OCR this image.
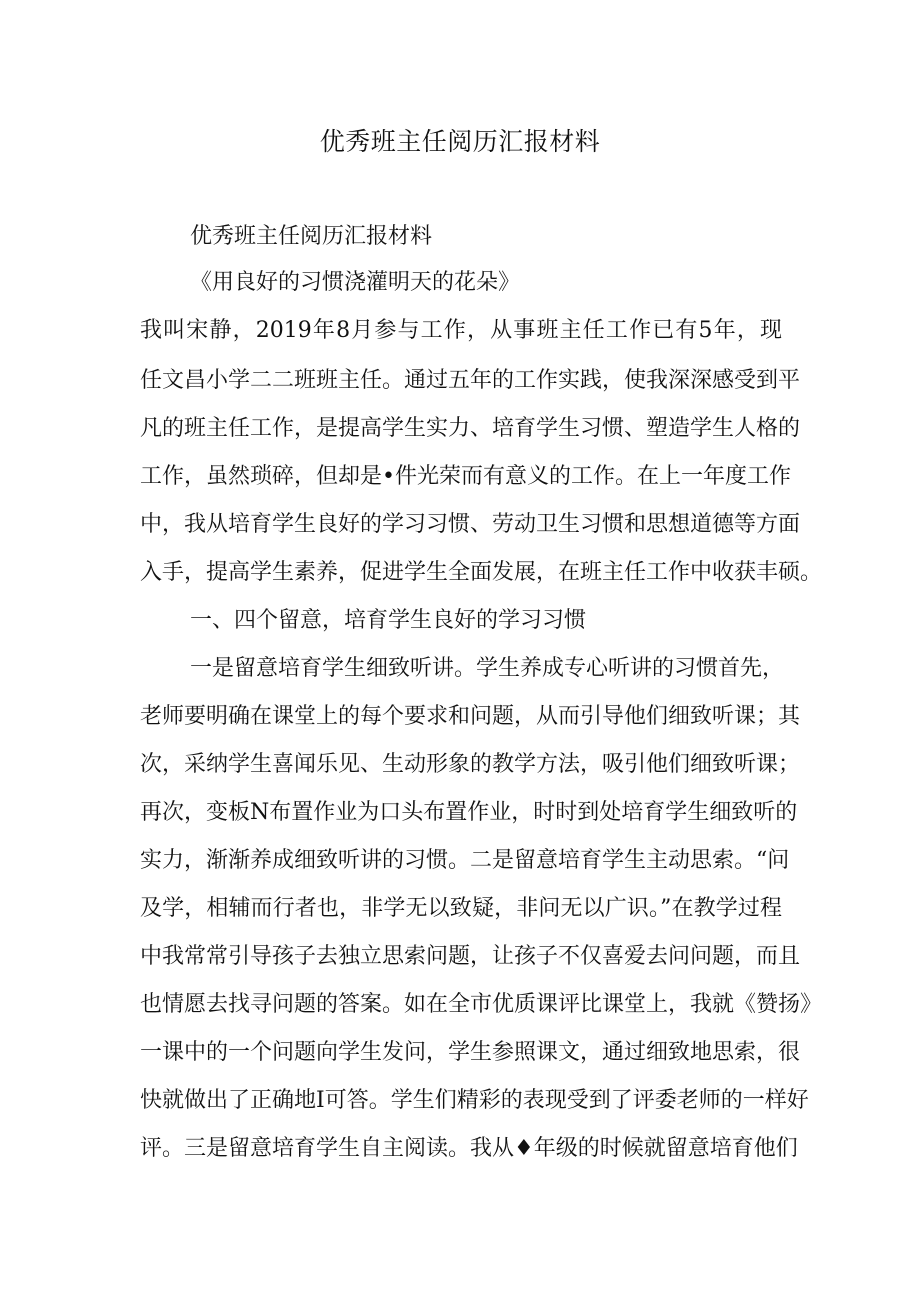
优秀班主任阅历汇报材料
优秀班主任阅历汇报材料
《用良好的习惯浇灌明天的花朵》
我叫宋静，2019年8月参与工作，从事班主任工作已有5年，现
任文昌小学二二班班主任。通过五年的工作实践，使我深深感受到平
凡的班主任工作，是提高学生实力、培育学生习惯、塑造学生人格的
工作，虽然琐碎，但却是•件光荣而有意义的工作。在上一年度工作
中，我从培育学生良好的学习习惯、劳动卫生习惯和思想道德等方面
入手，提高学生素养，促进学生全面发展，在班主任工作中收获丰硕。
一、四个留意，培育学生良好的学习习惯
一是留意培育学生细致听讲。学生养成专心听讲的习惯首先，
老师要明确在课堂上的每个要求和问题，从而引导他们细致听课；其
次，采纳学生喜闻乐见、生动形象的教学方法，吸引他们细致听课；
再次，变板N布置作业为口头布置作业，时时到处培育学生细致听的
实力，渐渐养成细致听讲的习惯。二是留意培育学生主动思索。“问
及学，相辅而行者也，非学无以致疑，非问无以广识。”在教学过程
中我常常引导孩子去独立思索问题，让孩子不仅喜爱去问问题，而且
也情愿去找寻问题的答案。如在全市优质课评比课堂上，我就《赞扬》
一课中的一个问题向学生发问，学生参照课文，通过细致地思索，很
快就做出了正确地I可答。学生们精彩的表现受到了评委老师的一样好
评。三是留意培育学生自主阅读。我从♦年级的时候就留意培育他们
